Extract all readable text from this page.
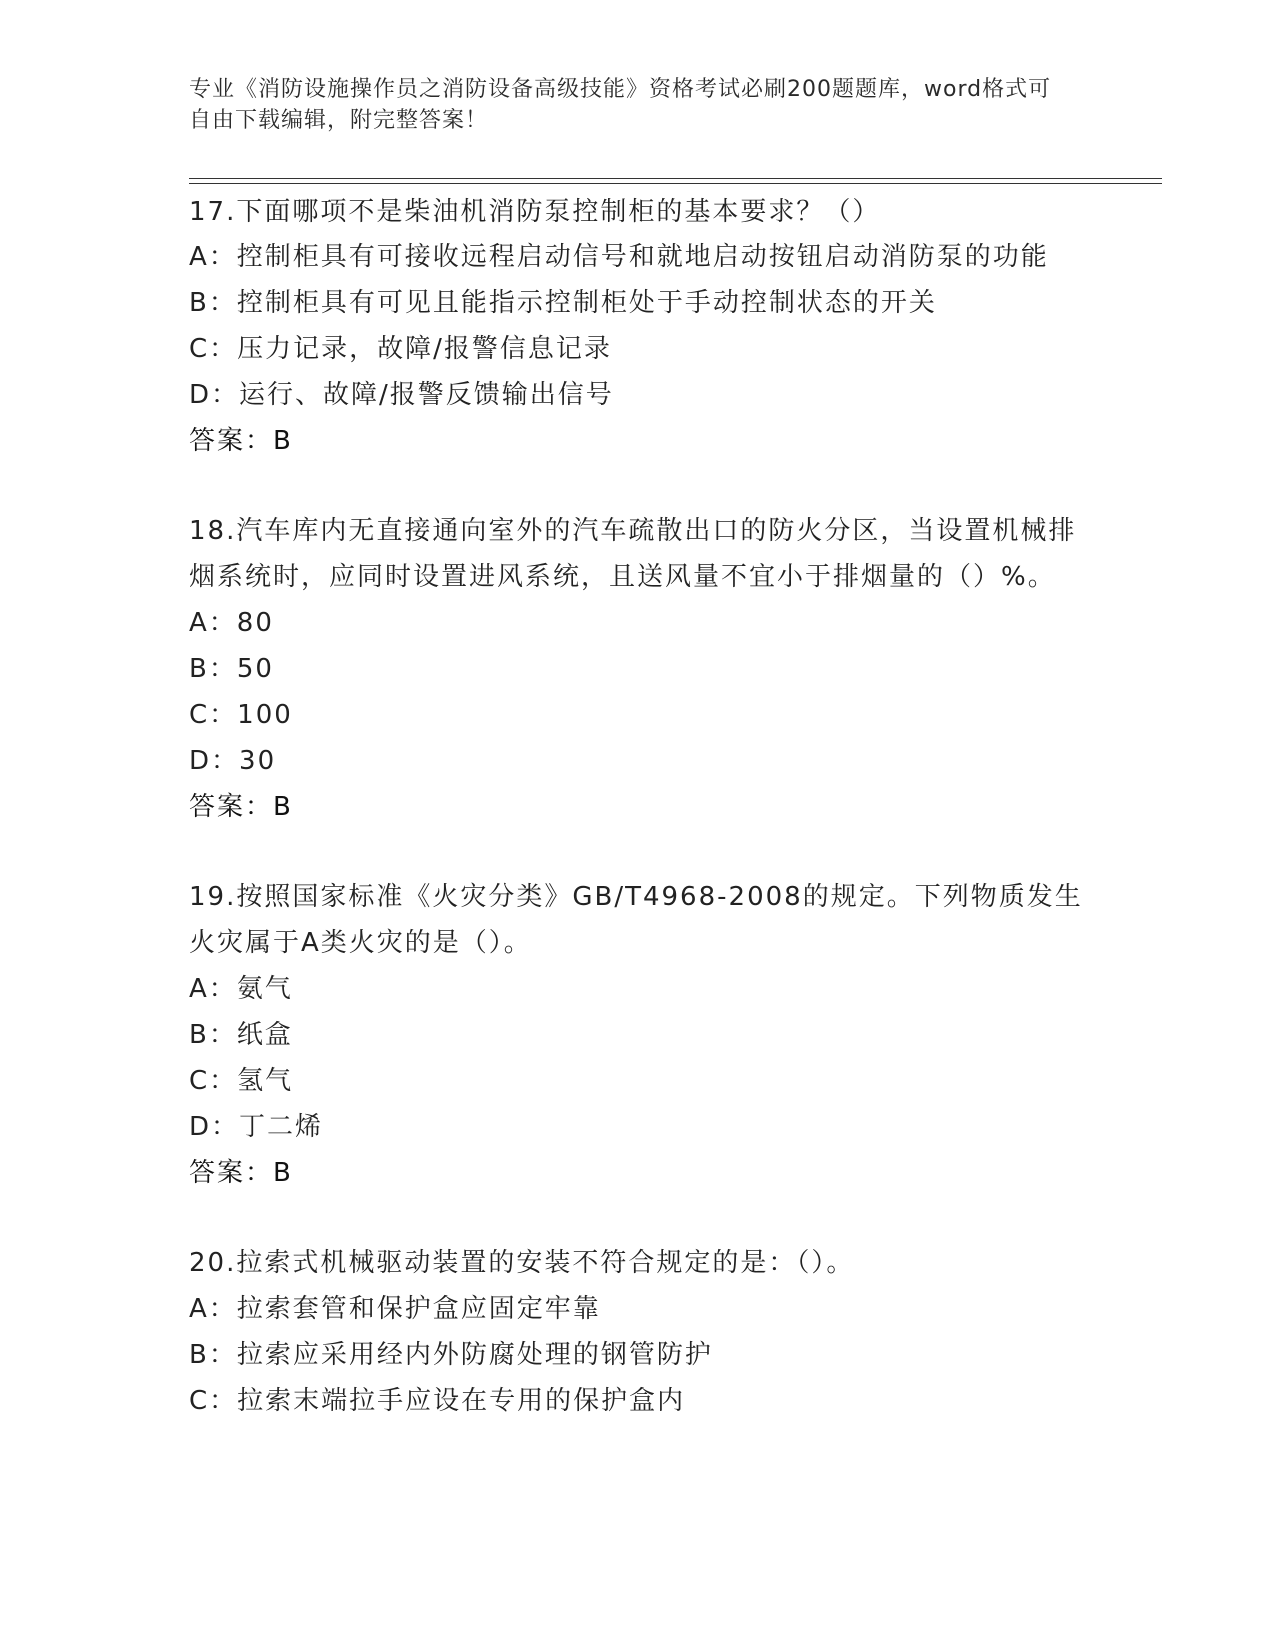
专业《消防设施操作员之消防设备高级技能》资格考试必刷200题题库，word格式可自由下载编辑，附完整答案！
17.下面哪项不是柴油机消防泵控制柜的基本要求？（）
A：控制柜具有可接收远程启动信号和就地启动按钮启动消防泵的功能
B：控制柜具有可见且能指示控制柜处于手动控制状态的开关
C：压力记录，故障/报警信息记录
D：运行、故障/报警反馈输出信号
答案：B
18.汽车库内无直接通向室外的汽车疏散出口的防火分区，当设置机械排烟系统时，应同时设置进风系统，且送风量不宜小于排烟量的（）%。
A：80
B：50
C：100
D：30
答案：B
19.按照国家标准《火灾分类》GB/T4968-2008的规定。下列物质发生火灾属于A类火灾的是（）。
A：氨气
B：纸盒
C：氢气
D：丁二烯
答案：B
20.拉索式机械驱动装置的安装不符合规定的是：（）。
A：拉索套管和保护盒应固定牢靠
B：拉索应采用经内外防腐处理的钢管防护
C：拉索末端拉手应设在专用的保护盒内
